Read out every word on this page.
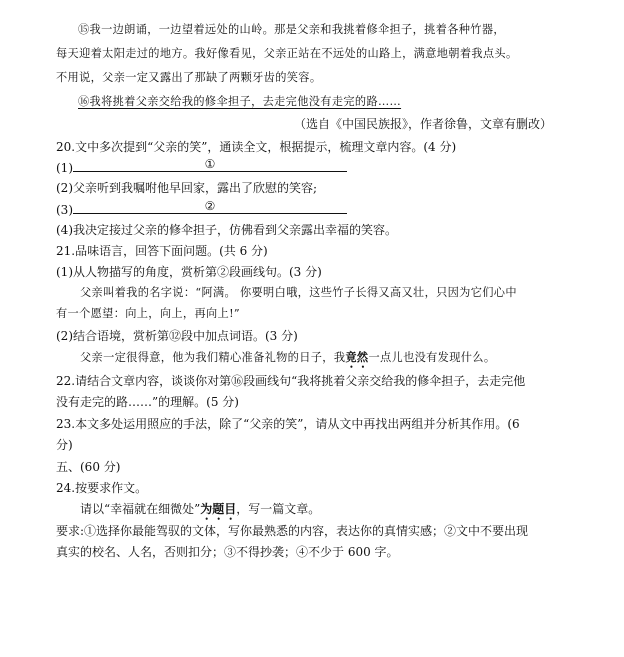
⑮我一边朗诵，一边望着远处的山岭。那是父亲和我挑着修伞担子，挑着各种竹器，
每天迎着太阳走过的地方。我好像看见，父亲正站在不远处的山路上，满意地朝着我点头。
不用说，父亲一定又露出了那缺了两颗牙齿的笑容。
⑯我将挑着父亲交给我的修伞担子，去走完他没有走完的路……
（选自《中国民族报》，作者徐鲁，文章有删改）
20.文中多次提到“父亲的笑”，通读全文，根据提示，梳理文章内容。(4 分)
(1)	①
(2)父亲听到我嘱咐他早回家，露出了欣慰的笑容;
(3)	②
(4)我决定接过父亲的修伞担子，仿佛看到父亲露出幸福的笑容。
21.品味语言，回答下面问题。(共 6 分)
(1)从人物描写的角度，赏析第②段画线句。(3 分)
父亲叫着我的名字说：“阿满。 你要明白哦，这些竹子长得又高又壮，只因为它们心中
有一个愿望：向上，向上，再向上!”
(2)结合语境，赏析第⑫段中加点词语。(3 分)
父亲一定很得意，他为我们精心准备礼物的日子，我竟然一点儿也没有发现什么。
22.请结合文章内容，谈谈你对第⑯段画线句“我将挑着父亲交给我的修伞担子，去走完他
没有走完的路……”的理解。(5 分)
23.本文多处运用照应的手法，除了“父亲的笑”，请从文中再找出两组并分析其作用。(6
分)
五、(60 分)
24.按要求作文。
请以“幸福就在细微处”为题目，写一篇文章。
要求:①选择你最能驾驭的文体，写你最熟悉的内容，表达你的真情实感；②文中不要出现
真实的校名、人名，否则扣分；③不得抄袭；④不少于 600 字。
